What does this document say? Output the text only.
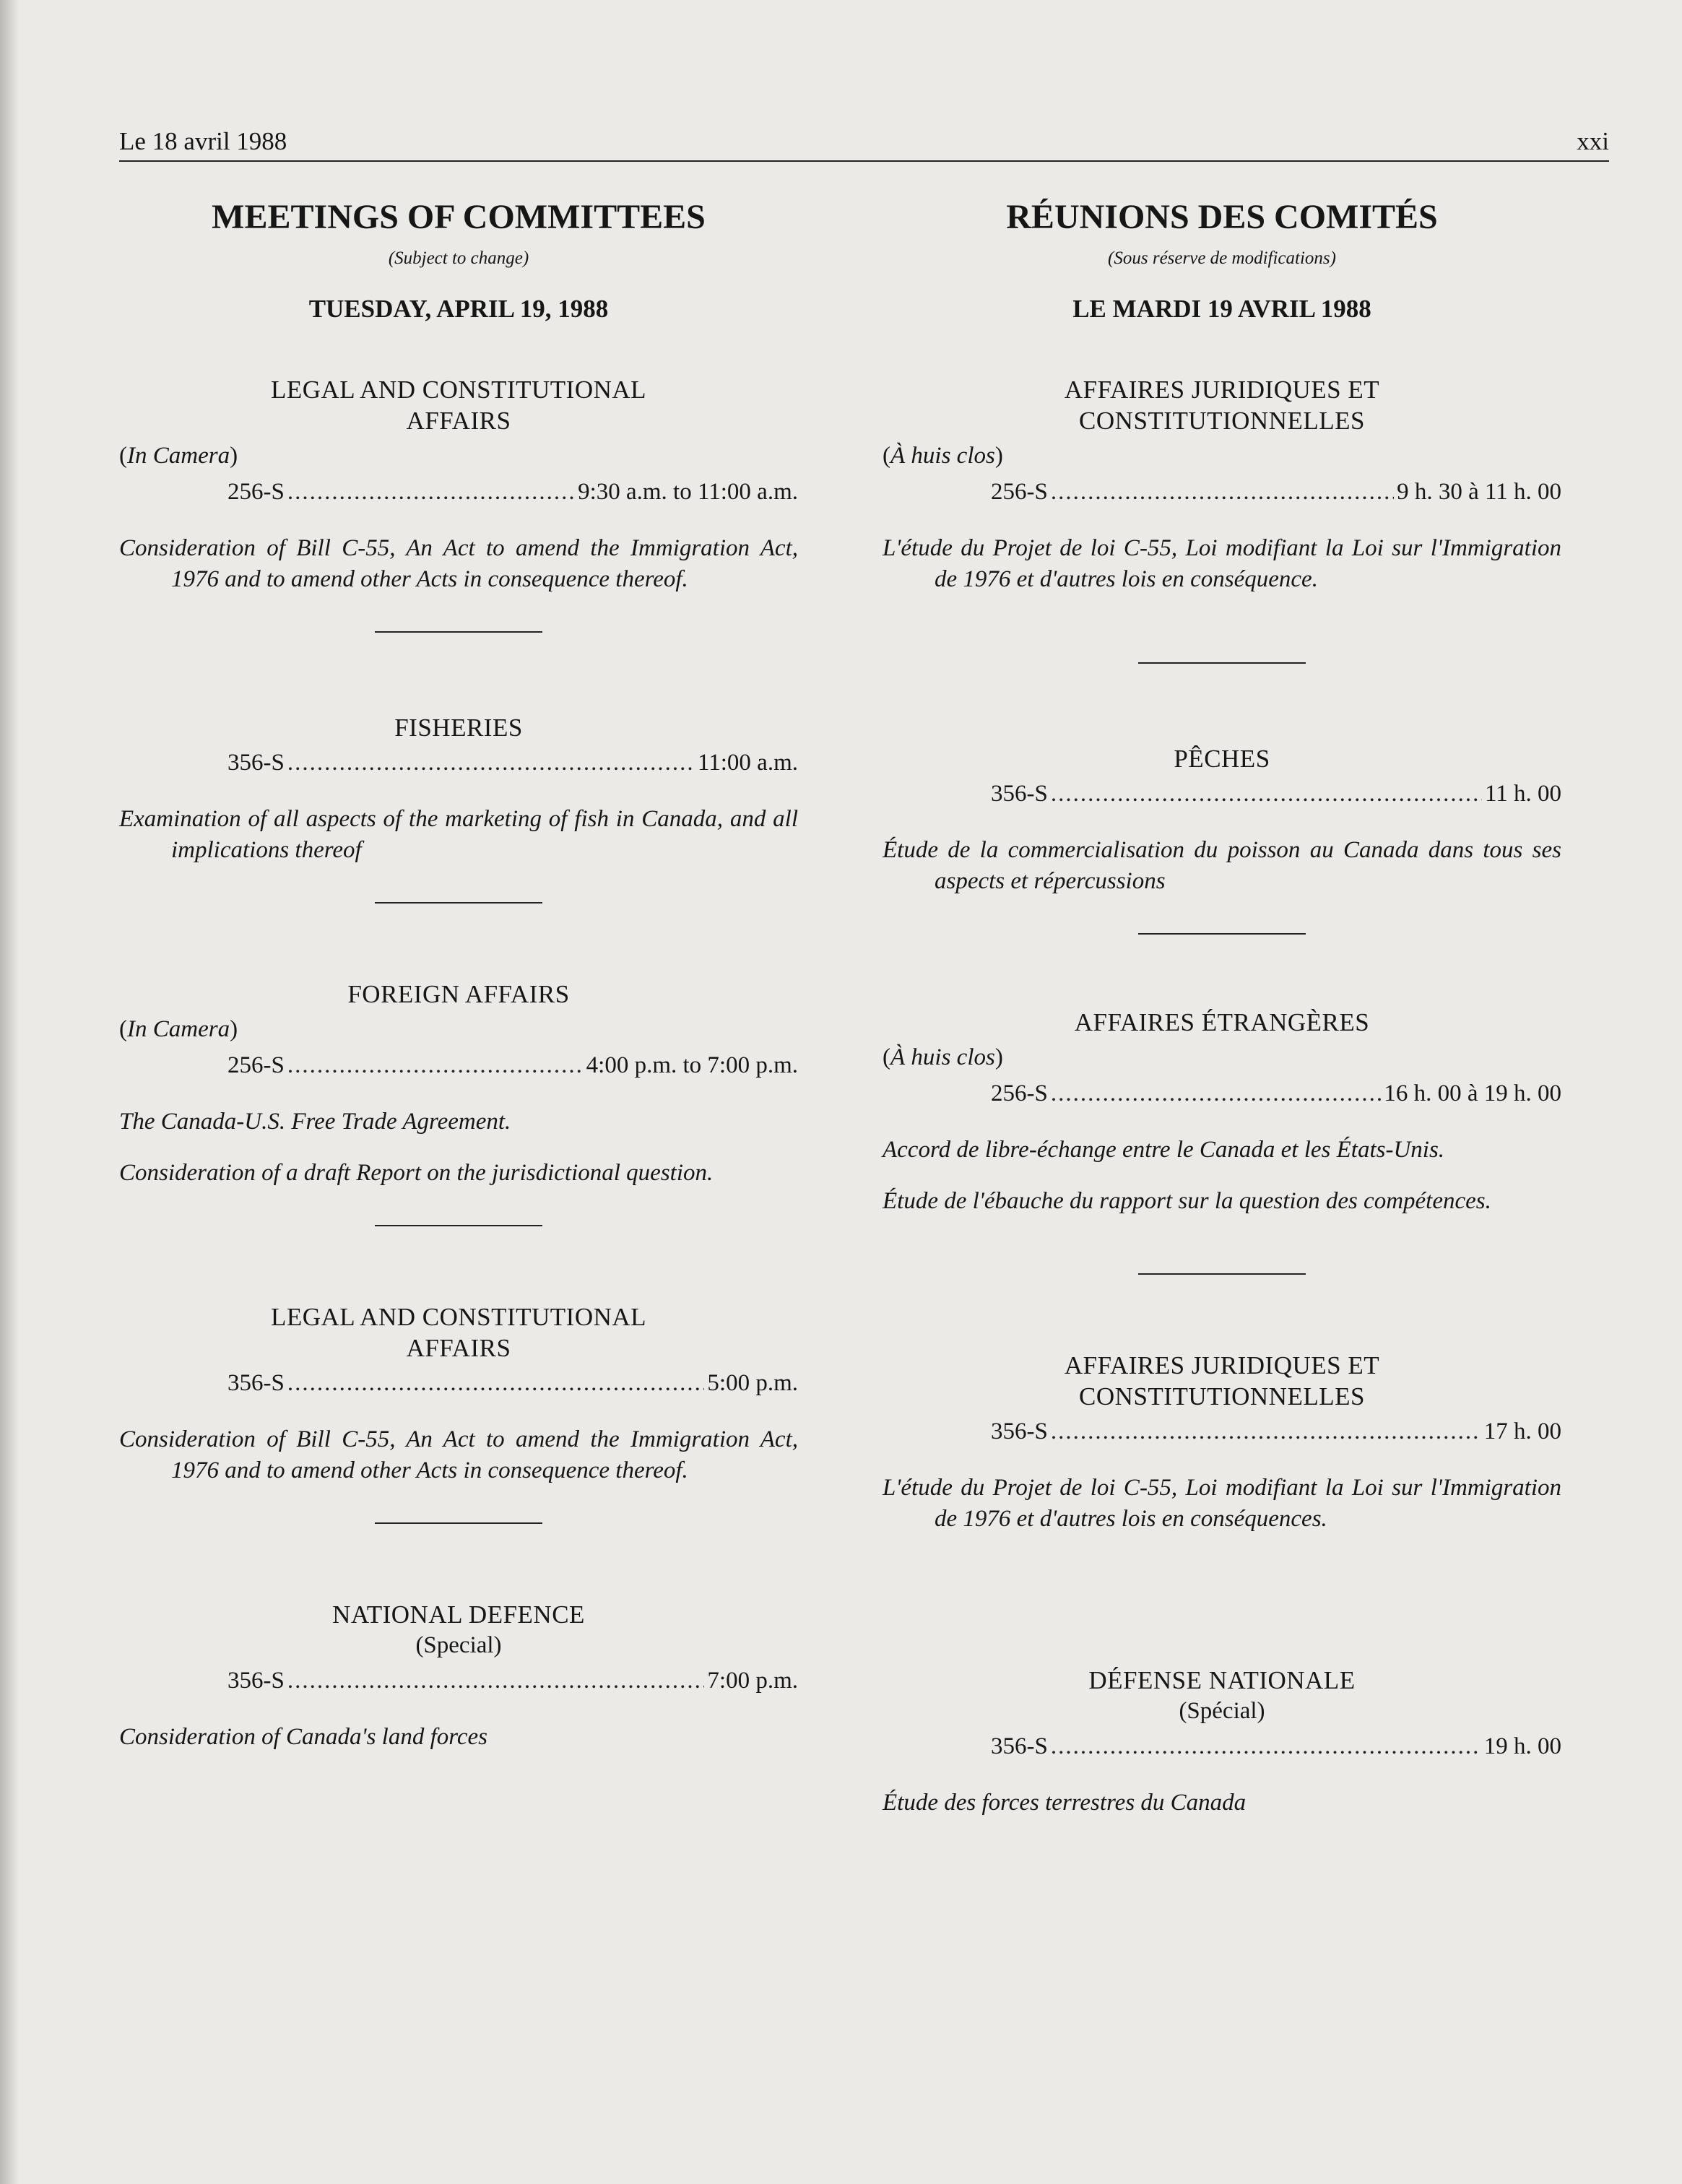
Le 18 avril 1988	xxi
MEETINGS OF COMMITTEES
(Subject to change)
TUESDAY, APRIL 19, 1988
LEGAL AND CONSTITUTIONAL
AFFAIRS
(In Camera)
256-S .....	9:30 a.m. to 11:00 a.m.
Consideration of Bill C-55, An Act to amend the Immigration Act, 1976 and to amend other Acts in consequence thereof.
FISHERIES
356-S .....	11:00 a.m.
Examination of all aspects of the marketing of fish in Canada, and all implications thereof
FOREIGN AFFAIRS
(In Camera)
256-S .....	4:00 p.m. to 7:00 p.m.
The Canada-U.S. Free Trade Agreement.
Consideration of a draft Report on the jurisdictional question.
LEGAL AND CONSTITUTIONAL
AFFAIRS
356-S .....	5:00 p.m.
Consideration of Bill C-55, An Act to amend the Immigration Act, 1976 and to amend other Acts in consequence thereof.
NATIONAL DEFENCE
(Special)
356-S .....	7:00 p.m.
Consideration of Canada's land forces
RÉUNIONS DES COMITÉS
(Sous réserve de modifications)
LE MARDI 19 AVRIL 1988
AFFAIRES JURIDIQUES ET
CONSTITUTIONNELLES
(À huis clos)
256-S .....	9 h. 30 à 11 h. 00
L'étude du Projet de loi C-55, Loi modifiant la Loi sur l'Immigration de 1976 et d'autres lois en conséquence.
PÊCHES
356-S .....	11 h. 00
Étude de la commercialisation du poisson au Canada dans tous ses aspects et répercussions
AFFAIRES ÉTRANGÈRES
(À huis clos)
256-S .....	16 h. 00 à 19 h. 00
Accord de libre-échange entre le Canada et les États-Unis.
Étude de l'ébauche du rapport sur la question des compétences.
AFFAIRES JURIDIQUES ET
CONSTITUTIONNELLES
356-S .....	17 h. 00
L'étude du Projet de loi C-55, Loi modifiant la Loi sur l'Immigration de 1976 et d'autres lois en conséquences.
DÉFENSE NATIONALE
(Spécial)
356-S .....	19 h. 00
Étude des forces terrestres du Canada
